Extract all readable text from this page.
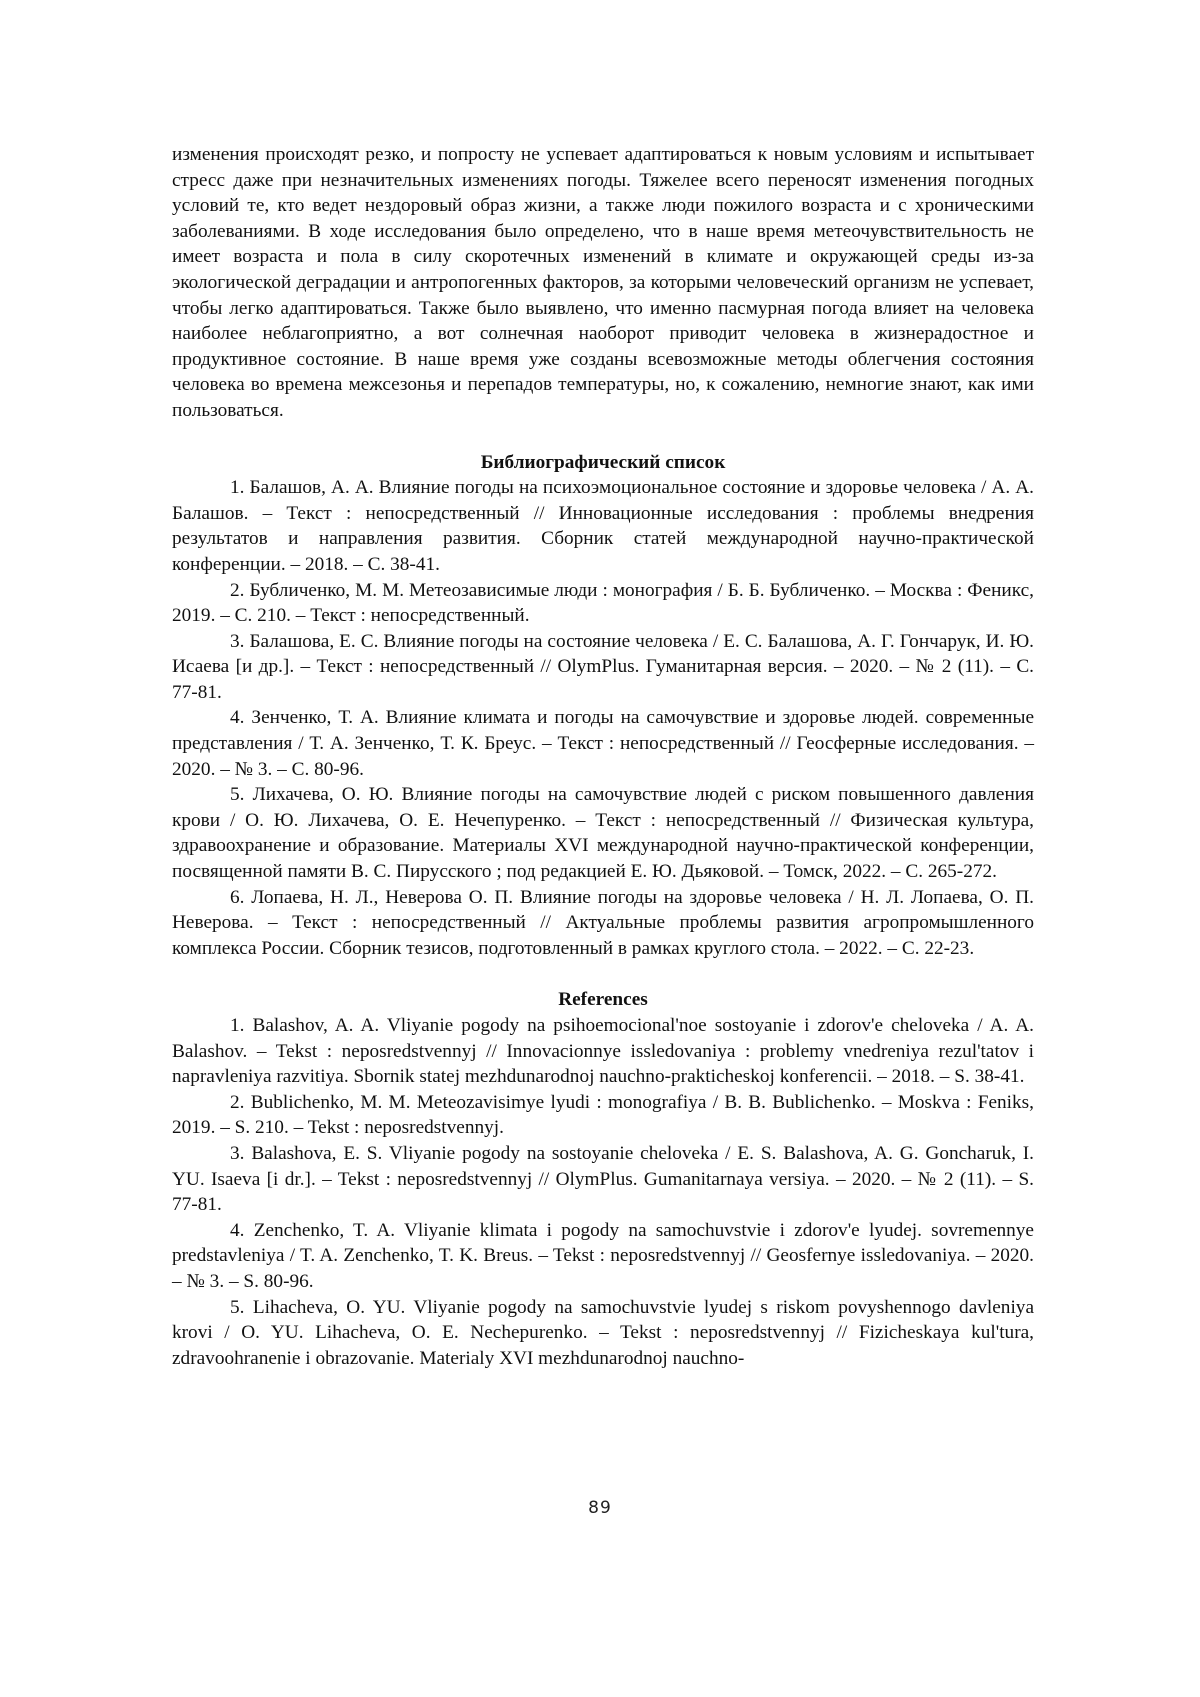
изменения происходят резко, и попросту не успевает адаптироваться к новым условиям и испытывает стресс даже при незначительных изменениях погоды. Тяжелее всего переносят изменения погодных условий те, кто ведет нездоровый образ жизни, а также люди пожилого возраста и с хроническими заболеваниями. В ходе исследования было определено, что в наше время метеочувствительность не имеет возраста и пола в силу скоротечных изменений в климате и окружающей среды из-за экологической деградации и антропогенных факторов, за которыми человеческий организм не успевает, чтобы легко адаптироваться. Также было выявлено, что именно пасмурная погода влияет на человека наиболее неблагоприятно, а вот солнечная наоборот приводит человека в жизнерадостное и продуктивное состояние. В наше время уже созданы всевозможные методы облегчения состояния человека во времена межсезонья и перепадов температуры, но, к сожалению, немногие знают, как ими пользоваться.

Библиографический список

1. Балашов, А. А. Влияние погоды на психоэмоциональное состояние и здоровье человека / А. А. Балашов. – Текст : непосредственный // Инновационные исследования : проблемы внедрения результатов и направления развития. Сборник статей международной научно-практической конференции. – 2018. – С. 38-41.

2. Бубличенко, М. М. Метеозависимые люди : монография / Б. Б. Бубличенко. – Москва : Феникс, 2019. – С. 210. – Текст : непосредственный.

3. Балашова, Е. С. Влияние погоды на состояние человека / Е. С. Балашова, А. Г. Гончарук, И. Ю. Исаева [и др.]. – Текст : непосредственный // OlymPlus. Гуманитарная версия. – 2020. – № 2 (11). – С. 77-81.

4. Зенченко, Т. А. Влияние климата и погоды на самочувствие и здоровье людей. современные представления / Т. А. Зенченко, Т. К. Бреус. – Текст : непосредственный // Геосферные исследования. – 2020. – № 3. – С. 80-96.

5. Лихачева, О. Ю. Влияние погоды на самочувствие людей с риском повышенного давления крови / О. Ю. Лихачева, О. Е. Нечепуренко. – Текст : непосредственный // Физическая культура, здравоохранение и образование. Материалы XVI международной научно-практической конференции, посвященной памяти В. С. Пирусского ; под редакцией Е. Ю. Дьяковой. – Томск, 2022. – С. 265-272.

6. Лопаева, Н. Л., Неверова О. П. Влияние погоды на здоровье человека / Н. Л. Лопаева, О. П. Неверова. – Текст : непосредственный // Актуальные проблемы развития агропромышленного комплекса России. Сборник тезисов, подготовленный в рамках круглого стола. – 2022. – С. 22-23.

References

1. Balashov, A. A. Vliyanie pogody na psihoemocional'noe sostoyanie i zdorov'e cheloveka / A. A. Balashov. – Tekst : neposredstvennyj // Innovacionnye issledovaniya : problemy vnedreniya rezul'tatov i napravleniya razvitiya. Sbornik statej mezhdunarodnoj nauchno-prakticheskoj konferencii. – 2018. – S. 38-41.

2. Bublichenko, M. M. Meteozavisimye lyudi : monografiya / B. B. Bublichenko. – Moskva : Feniks, 2019. – S. 210. – Tekst : neposredstvennyj.

3. Balashova, E. S. Vliyanie pogody na sostoyanie cheloveka / E. S. Balashova, A. G. Goncharuk, I. YU. Isaeva [i dr.]. – Tekst : neposredstvennyj // OlymPlus. Gumanitarnaya versiya. – 2020. – № 2 (11). – S. 77-81.

4. Zenchenko, T. A. Vliyanie klimata i pogody na samochuvstvie i zdorov'e lyudej. sovremennye predstavleniya / T. A. Zenchenko, T. K. Breus. – Tekst : neposredstvennyj // Geosfernye issledovaniya. – 2020. – № 3. – S. 80-96.

5. Lihacheva, O. YU. Vliyanie pogody na samochuvstvie lyudej s riskom povyshennogo davleniya krovi / O. YU. Lihacheva, O. E. Nechepurenko. – Tekst : neposredstvennyj // Fizicheskaya kul'tura, zdravoohranenie i obrazovanie. Materialy XVI mezhdunarodnoj nauchno-

89
